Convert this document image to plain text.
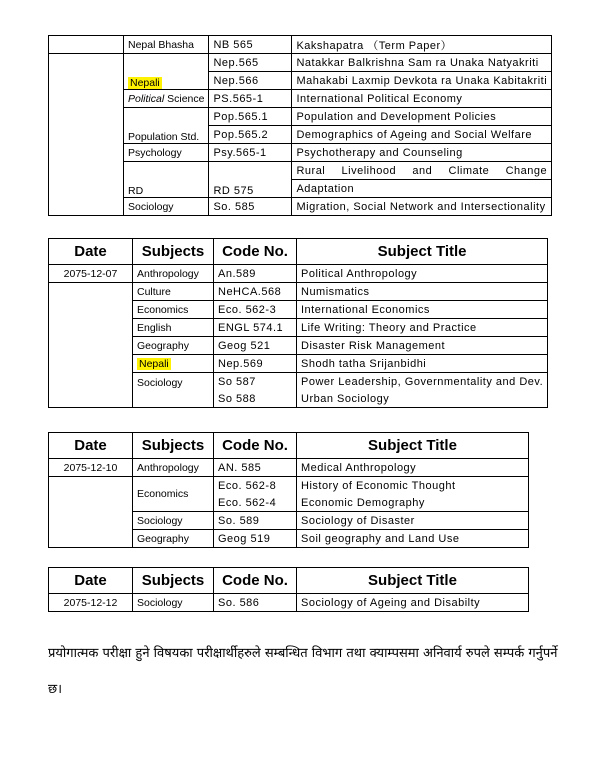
	Nepal Bhasha	NB 565	Kakshapatra （Term Paper）
	Nepali	Nep.565	Natakkar Balkrishna Sam ra Unaka Natyakriti
		Nep.566	Mahakabi Laxmip Devkota ra Unaka Kabitakriti
	Political Science	PS.565-1	International Political Economy
	Population Std.	Pop.565.1	Population and Development Policies
		Pop.565.2	Demographics of Ageing and Social Welfare
	Psychology	Psy.565-1	Psychotherapy and Counseling
	RD	RD 575	Rural Livelihood and Climate Change

			Adaptation
	Sociology	So. 585	Migration, Social Network and Intersectionality
Date	Subjects	Code No.	Subject Title
2075-12-07	Anthropology	An.589	Political Anthropology
	Culture	NeHCA.568	Numismatics
	Economics	Eco. 562-3	International Economics
	English	ENGL 574.1	Life Writing: Theory and Practice
	Geography	Geog 521	Disaster Risk Management
	Nepali	Nep.569	Shodh tatha Srijanbidhi
	Sociology	So 587	Power Leadership, Governmentality and Dev.
		So 588	Urban Sociology
Date	Subjects	Code No.	Subject Title
2075-12-10	Anthropology	AN. 585	Medical Anthropology
	Economics	Eco. 562-8	History of Economic Thought
		Eco. 562-4	Economic Demography
	Sociology	So. 589	Sociology of Disaster
	Geography	Geog 519	Soil geography and Land Use
Date	Subjects	Code No.	Subject Title
2075-12-12	Sociology	So. 586	Sociology of Ageing and Disabilty
प्रयोगात्मक परीक्षा हुने विषयका परीक्षार्थीहरुले सम्बन्धित विभाग तथा क्याम्पसमा अनिवार्य रुपले सम्पर्क गर्नुपर्ने
छ।
